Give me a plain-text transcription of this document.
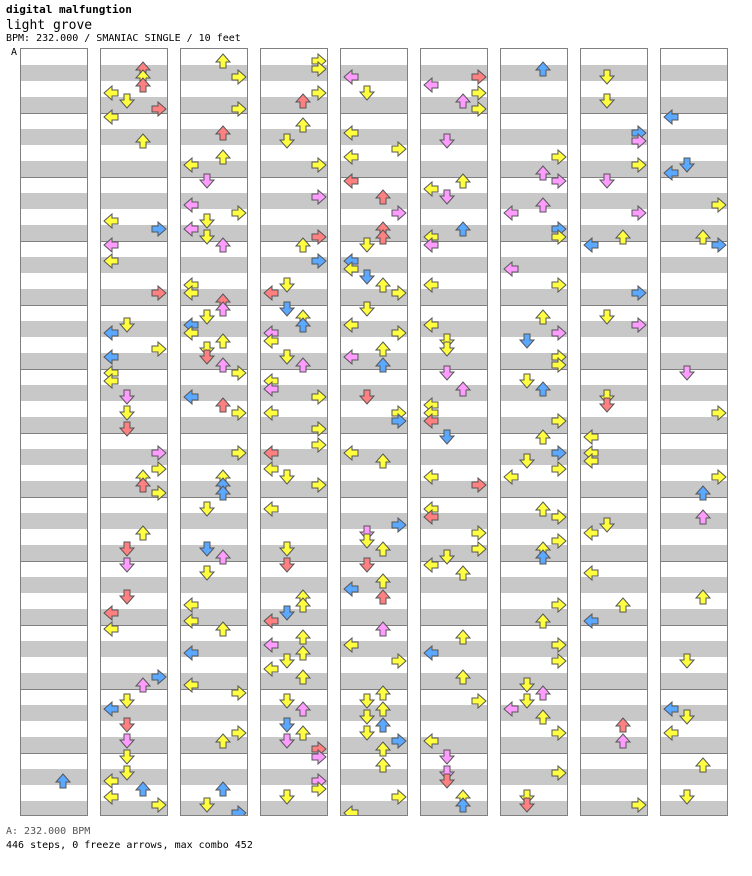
digital malfungtion
light grove
BPM: 232.000 / SMANIAC SINGLE / 10 feet
A
A: 232.000 BPM
446 steps, 0 freeze arrows, max combo 452
